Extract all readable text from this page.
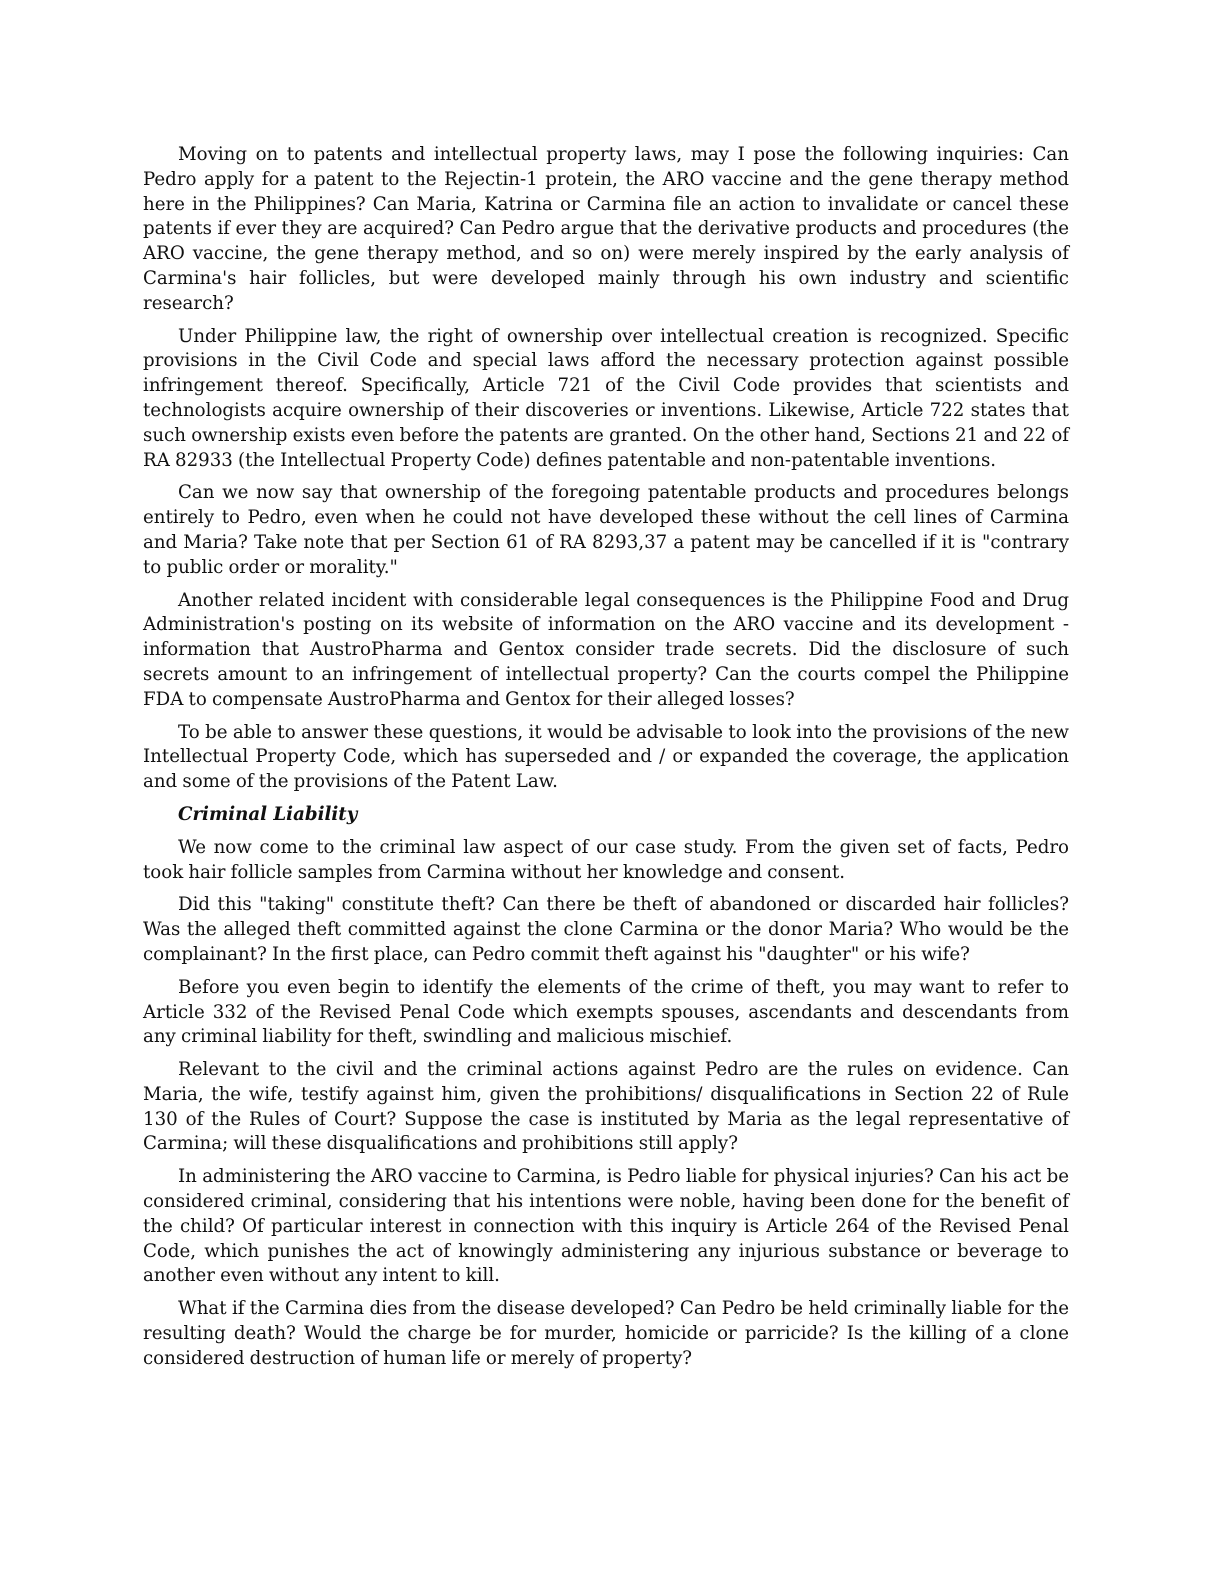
Moving on to patents and intellectual property laws, may I pose the following inquiries: Can Pedro apply for a patent to the Rejectin-1 protein, the ARO vaccine and the gene therapy method here in the Philippines? Can Maria, Katrina or Carmina file an action to invalidate or cancel these patents if ever they are acquired? Can Pedro argue that the derivative products and procedures (the ARO vaccine, the gene therapy method, and so on) were merely inspired by the early analysis of Carmina's hair follicles, but were developed mainly through his own industry and scientific research?

Under Philippine law, the right of ownership over intellectual creation is recognized. Specific provisions in the Civil Code and special laws afford the necessary protection against possible infringement thereof. Specifically, Article 721 of the Civil Code provides that scientists and technologists acquire ownership of their discoveries or inventions. Likewise, Article 722 states that such ownership exists even before the patents are granted. On the other hand, Sections 21 and 22 of RA 82933 (the Intellectual Property Code) defines patentable and non-patentable inventions.

Can we now say that ownership of the foregoing patentable products and procedures belongs entirely to Pedro, even when he could not have developed these without the cell lines of Carmina and Maria? Take note that per Section 61 of RA 8293,37 a patent may be cancelled if it is "contrary to public order or morality."

Another related incident with considerable legal consequences is the Philippine Food and Drug Administration's posting on its website of information on the ARO vaccine and its development - information that AustroPharma and Gentox consider trade secrets. Did the disclosure of such secrets amount to an infringement of intellectual property? Can the courts compel the Philippine FDA to compensate AustroPharma and Gentox for their alleged losses?

To be able to answer these questions, it would be advisable to look into the provisions of the new Intellectual Property Code, which has superseded and / or expanded the coverage, the application and some of the provisions of the Patent Law.

Criminal Liability

We now come to the criminal law aspect of our case study. From the given set of facts, Pedro took hair follicle samples from Carmina without her knowledge and consent.

Did this "taking" constitute theft? Can there be theft of abandoned or discarded hair follicles? Was the alleged theft committed against the clone Carmina or the donor Maria? Who would be the complainant? In the first place, can Pedro commit theft against his "daughter" or his wife?

Before you even begin to identify the elements of the crime of theft, you may want to refer to Article 332 of the Revised Penal Code which exempts spouses, ascendants and descendants from any criminal liability for theft, swindling and malicious mischief.

Relevant to the civil and the criminal actions against Pedro are the rules on evidence. Can Maria, the wife, testify against him, given the prohibitions/ disqualifications in Section 22 of Rule 130 of the Rules of Court? Suppose the case is instituted by Maria as the legal representative of Carmina; will these disqualifications and prohibitions still apply?

In administering the ARO vaccine to Carmina, is Pedro liable for physical injuries? Can his act be considered criminal, considering that his intentions were noble, having been done for the benefit of the child? Of particular interest in connection with this inquiry is Article 264 of the Revised Penal Code, which punishes the act of knowingly administering any injurious substance or beverage to another even without any intent to kill.

What if the Carmina dies from the disease developed? Can Pedro be held criminally liable for the resulting death? Would the charge be for murder, homicide or parricide? Is the killing of a clone considered destruction of human life or merely of property?
